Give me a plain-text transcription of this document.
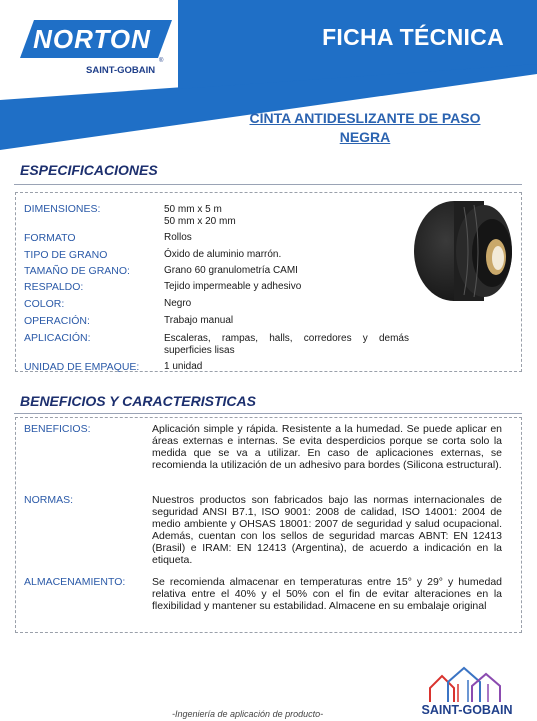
NORTON
SAINT-GOBAIN
®
FICHA TÉCNICA
CINTA ANTIDESLIZANTE DE PASO
NEGRA
ESPECIFICACIONES
DIMENSIONES:	50 mm x 5 m
50 mm x 20 mm
FORMATO	Rollos
TIPO DE GRANO	Óxido de aluminio marrón.
TAMAÑO DE GRANO:	Grano 60 granulometría CAMI
RESPALDO:	Tejido impermeable y adhesivo
COLOR:	Negro
OPERACIÓN:	Trabajo manual
APLICACIÓN:	Escaleras, rampas, halls, corredores y demás superficies lisas
UNIDAD DE EMPAQUE: 1 unidad
BENEFICIOS Y CARACTERISTICAS
BENEFICIOS:	Aplicación simple y rápida. Resistente a la humedad. Se puede aplicar en áreas externas e internas. Se evita desperdicios porque se corta solo la medida que se va a utilizar. En caso de aplicaciones externas, se recomienda la utilización de un adhesivo para bordes (Silicona estructural).
NORMAS:	Nuestros productos son fabricados bajo las normas internacionales de seguridad ANSI B7.1, ISO 9001: 2008 de calidad, ISO 14001: 2004 de medio ambiente y OHSAS 18001: 2007 de seguridad y salud ocupacional. Además, cuentan con los sellos de seguridad marcas ABNT: EN 12413 (Brasil) e IRAM: EN 12413 (Argentina), de acuerdo a indicación en la etiqueta.
ALMACENAMIENTO:	Se recomienda almacenar en temperaturas entre 15° y 29° y humedad relativa entre el 40% y el 50% con el fin de evitar alteraciones en la flexibilidad y mantener su estabilidad. Almacene en su embalaje original
-Ingeniería de aplicación de producto-	SAINT-GOBAIN
